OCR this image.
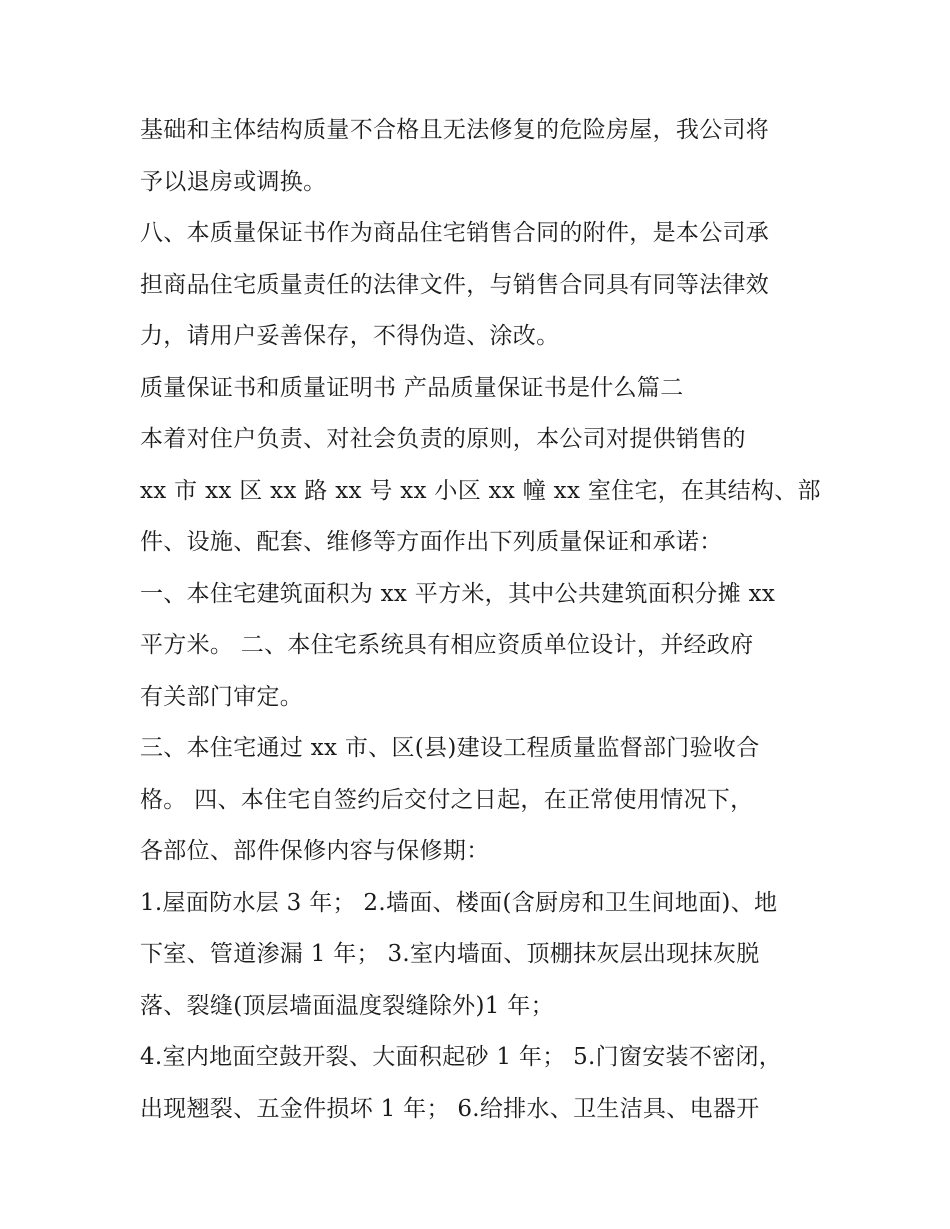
基础和主体结构质量不合格且无法修复的危险房屋，我公司将
予以退房或调换。
八、本质量保证书作为商品住宅销售合同的附件，是本公司承
担商品住宅质量责任的法律文件，与销售合同具有同等法律效
力，请用户妥善保存，不得伪造、涂改。
质量保证书和质量证明书 产品质量保证书是什么篇二
本着对住户负责、对社会负责的原则，本公司对提供销售的
xx 市 xx 区 xx 路 xx 号 xx 小区 xx 幢 xx 室住宅，在其结构、部
件、设施、配套、维修等方面作出下列质量保证和承诺：
一、本住宅建筑面积为 xx 平方米，其中公共建筑面积分摊 xx
平方米。 二、本住宅系统具有相应资质单位设计，并经政府
有关部门审定。
三、本住宅通过 xx 市、区(县)建设工程质量监督部门验收合
格。 四、本住宅自签约后交付之日起，在正常使用情况下，
各部位、部件保修内容与保修期：
1.屋面防水层 3 年； 2.墙面、楼面(含厨房和卫生间地面)、地
下室、管道渗漏 1 年； 3.室内墙面、顶棚抹灰层出现抹灰脱
落、裂缝(顶层墙面温度裂缝除外)1 年；
4.室内地面空鼓开裂、大面积起砂 1 年； 5.门窗安装不密闭，
出现翘裂、五金件损坏 1 年； 6.给排水、卫生洁具、电器开
